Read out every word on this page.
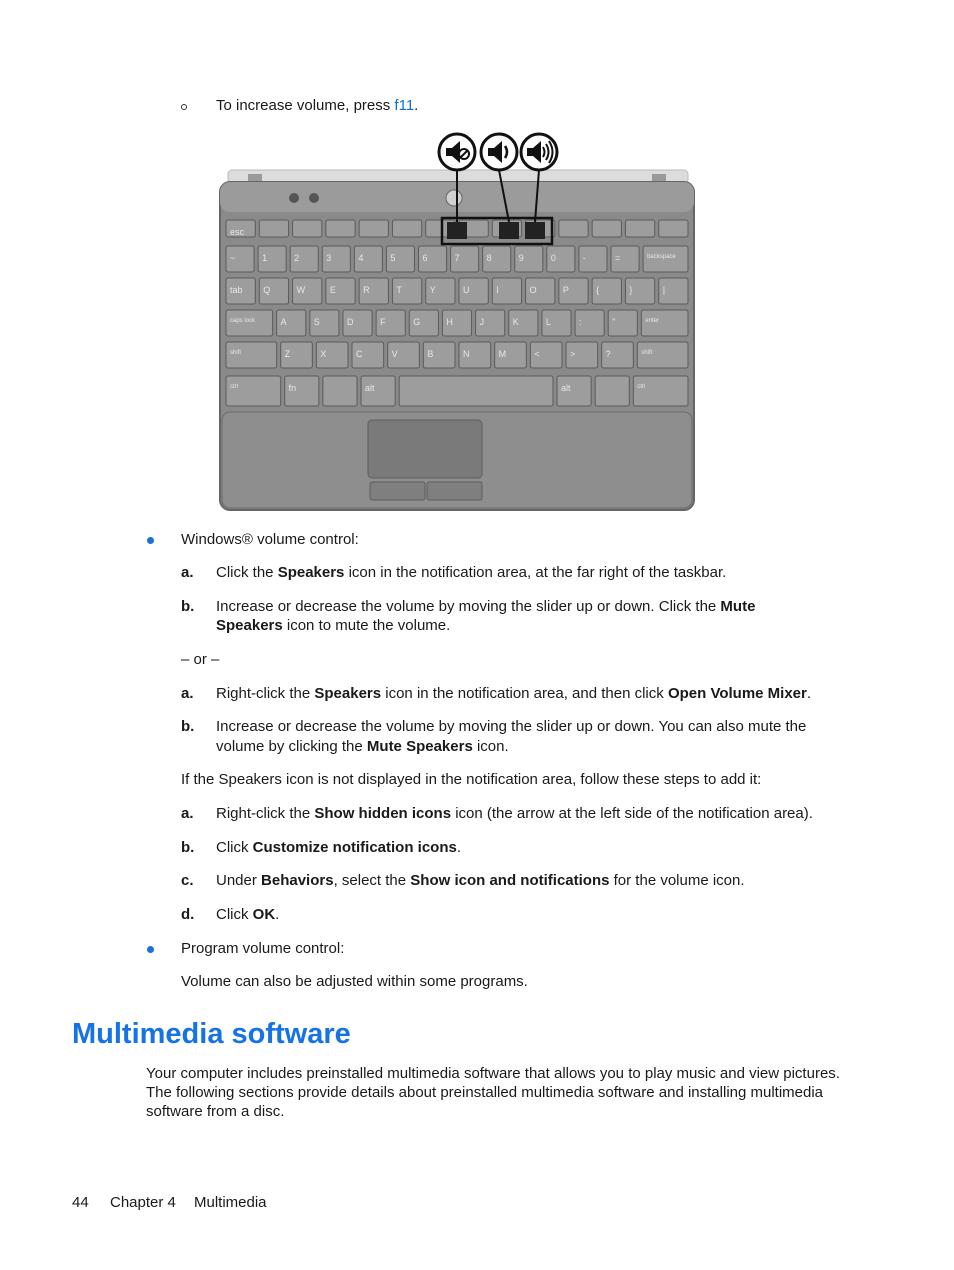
To increase volume, press f11.
esc
~	1	2	3	4	5	6	7	8	9	0	-	=	backspace
tab Q	W	E	R	T	Y	U	I	O	P	{	}	|
caps lock	A	S	D	F	G	H	J	K	L	:	"	enter
shift	Z	X	C	V	B	N	M	<	>	?	shift
ctrl	fn	alt	alt	ctrl
Windows® volume control:
a. Click the Speakers icon in the notification area, at the far right of the taskbar.
b. Increase or decrease the volume by moving the slider up or down. Click the Mute
Speakers icon to mute the volume.
– or –
a. Right-click the Speakers icon in the notification area, and then click Open Volume Mixer.
b. Increase or decrease the volume by moving the slider up or down. You can also mute the
volume by clicking the Mute Speakers icon.
If the Speakers icon is not displayed in the notification area, follow these steps to add it:
a. Right-click the Show hidden icons icon (the arrow at the left side of the notification area).
b. Click Customize notification icons.
c. Under Behaviors, select the Show icon and notifications for the volume icon.
d. Click OK.
Program volume control:
Volume can also be adjusted within some programs.
Multimedia software
Your computer includes preinstalled multimedia software that allows you to play music and view pictures.
The following sections provide details about preinstalled multimedia software and installing multimedia
software from a disc.
44 Chapter 4 Multimedia
